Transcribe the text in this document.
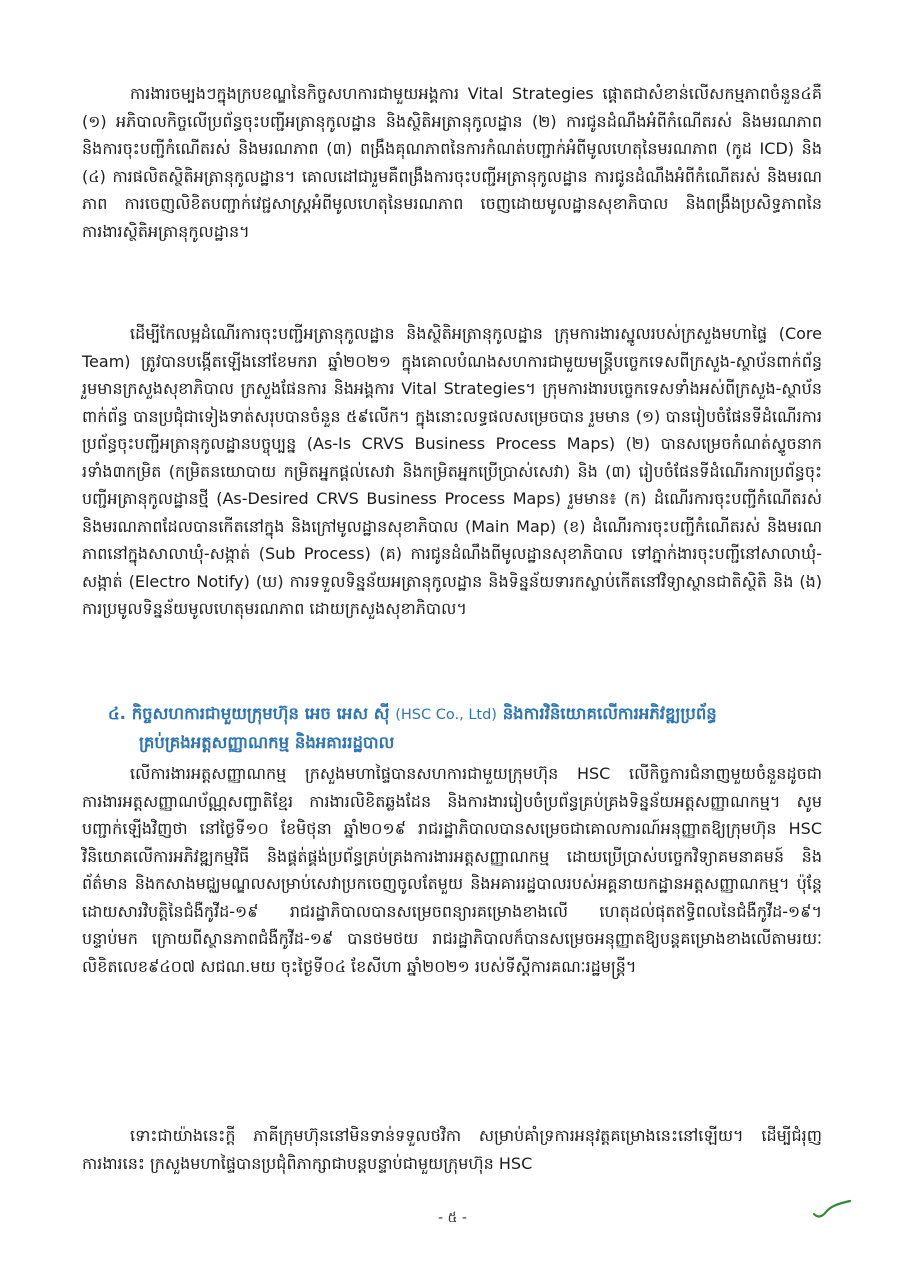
ការងារចម្បងៗក្នុងក្របខណ្ឌនៃកិច្ចសហការជាមួយអង្គការ Vital Strategies ផ្តោតជាសំខាន់លើសកម្មភាពចំនួន៤គឺ (១) អភិបាលកិច្ចលើប្រព័ន្ធចុះបញ្ជីអត្រានុកូលដ្ឋាន និងស្ថិតិអត្រានុកូលដ្ឋាន (២) ការជូនដំណឹងអំពីកំណើតរស់ និងមរណភាព និងការចុះបញ្ជីកំណើតរស់ និងមរណភាព (៣) ពង្រឹងគុណភាពនៃការកំណត់បញ្ជាក់អំពីមូលហេតុនៃមរណភាព (កូដ ICD) និង (៤) ការផលិតស្ថិតិអត្រានុកូលដ្ឋាន។ គោលដៅជារួមគឺពង្រឹងការចុះបញ្ជីអត្រានុកូលដ្ឋាន ការជូនដំណឹងអំពីកំណើតរស់ និងមរណភាព ការចេញលិខិតបញ្ជាក់វេជ្ជសាស្ត្រអំពីមូលហេតុនៃមរណភាព ចេញដោយមូលដ្ឋានសុខាភិបាល និងពង្រឹងប្រសិទ្ធភាពនៃការងារស្ថិតិអត្រានុកូលដ្ឋាន។

ដើម្បីកែលម្អដំណើរការចុះបញ្ជីអត្រានុកូលដ្ឋាន និងស្ថិតិអត្រានុកូលដ្ឋាន ក្រុមការងារស្នូលរបស់ក្រសួងមហាផ្ទៃ (Core Team) ត្រូវបានបង្កើតឡើងនៅខែមករា ឆ្នាំ២០២១ ក្នុងគោលបំណងសហការជាមួយមន្ត្រីបច្ចេកទេសពីក្រសួង-ស្ថាប័នពាក់ព័ន្ធ រួមមានក្រសួងសុខាភិបាល ក្រសួងផែនការ និងអង្គការ Vital Strategies។ ក្រុមការងារបច្ចេកទេសទាំងអស់ពីក្រសួង-ស្ថាប័នពាក់ព័ន្ធ បានប្រជុំជាទៀងទាត់សរុបបានចំនួន ៥៩លើក។ ក្នុងនោះលទ្ធផលសម្រេចបាន រួមមាន (១) បានរៀបចំផែនទីដំណើរការប្រព័ន្ធចុះបញ្ជីអត្រានុកូលដ្ឋានបច្ចុប្បន្ន (As-Is CRVS Business Process Maps) (២) បានសម្រេចកំណត់ស្ទូចនាករទាំង៣កម្រិត (កម្រិតនយោបាយ កម្រិតអ្នកផ្តល់សេវា និងកម្រិតអ្នកប្រើប្រាស់សេវា) និង (៣) រៀបចំផែនទីដំណើរការប្រព័ន្ធចុះបញ្ជីអត្រានុកូលដ្ឋានថ្មី (As-Desired CRVS Business Process Maps) រួមមាន៖ (ក) ដំណើរការចុះបញ្ជីកំណើតរស់ និងមរណភាពដែលបានកើតនៅក្នុង និងក្រៅមូលដ្ឋានសុខាភិបាល (Main Map) (ខ) ដំណើរការចុះបញ្ជីកំណើតរស់ និងមរណភាពនៅក្នុងសាលាឃុំ-សង្កាត់ (Sub Process) (គ) ការជូនដំណឹងពីមូលដ្ឋានសុខាភិបាល ទៅភ្នាក់ងារចុះបញ្ជីនៅសាលាឃុំ-សង្កាត់ (Electro Notify) (ឃ) ការទទួលទិន្នន័យអត្រានុកូលដ្ឋាន និងទិន្នន័យទារកស្លាប់កើតនៅវិទ្យាស្ថានជាតិស្ថិតិ និង (ង) ការប្រមូលទិន្នន័យមូលហេតុមរណភាព ដោយក្រសួងសុខាភិបាល។

៤. កិច្ចសហការជាមួយក្រុមហ៊ុន អេច អេស ស៊ី (HSC Co., Ltd) និងការវិនិយោគលើការអភិវឌ្ឍប្រព័ន្ធ
គ្រប់គ្រងអត្តសញ្ញាណកម្ម និងអគាររដ្ឋបាល

លើការងារអត្តសញ្ញាណកម្ម ក្រសួងមហាផ្ទៃបានសហការជាមួយក្រុមហ៊ុន HSC លើកិច្ចការជំនាញមួយចំនួនដូចជា ការងារអត្តសញ្ញាណប័ណ្ណសញ្ជាតិខ្មែរ ការងារលិខិតឆ្លងដែន និងការងាររៀបចំប្រព័ន្ធគ្រប់គ្រងទិន្នន័យអត្តសញ្ញាណកម្ម។ សូមបញ្ជាក់ឡើងវិញថា នៅថ្ងៃទី១០ ខែមិថុនា ឆ្នាំ២០១៩ រាជរដ្ឋាភិបាលបានសម្រេចជាគោលការណ៍អនុញ្ញាតឱ្យក្រុមហ៊ុន HSC វិនិយោគលើការអភិវឌ្ឍកម្មវិធី និងផ្គត់ផ្គង់ប្រព័ន្ធគ្រប់គ្រងការងារអត្តសញ្ញាណកម្ម ដោយប្រើប្រាស់បច្ចេកវិទ្យាគមនាគមន៍ និងព័ត៌មាន និងកសាងមជ្ឈមណ្ឌលសម្រាប់សេវាប្រកចេញចូលតែមួយ និងអគាររដ្ឋបាលរបស់អគ្គនាយកដ្ឋានអត្តសញ្ញាណកម្ម។ ប៉ុន្តែដោយសារវិបត្តិនៃជំងឺកូវីដ-១៩ រាជរដ្ឋាភិបាលបានសម្រេចពន្យារគម្រោងខាងលើ ហេតុដល់ផុតឥទ្ធិពលនៃជំងឺកូវីដ-១៩។ បន្ទាប់មក ក្រោយពីស្ថានភាពជំងឺកូវីដ-១៩ បានថមថយ រាជរដ្ឋាភិបាលក៏បានសម្រេចអនុញ្ញាតឱ្យបន្តគម្រោងខាងលើតាមរយៈលិខិតលេខ៩៤០៧ សជណ.មយ ចុះថ្ងៃទី០៤ ខែសីហា ឆ្នាំ២០២១ របស់ទីស្តីការគណៈរដ្ឋមន្ត្រី។

ទោះជាយ៉ាងនេះក្តី ភាគីក្រុមហ៊ុននៅមិនទាន់ទទួលថវិកា សម្រាប់គាំទ្រការអនុវត្តគម្រោងនេះនៅឡើយ។ ដើម្បីជំរុញការងារនេះ ក្រសួងមហាផ្ទៃបានប្រជុំពិភាក្សាជាបន្តបន្ទាប់ជាមួយក្រុមហ៊ុន HSC

- ៥ -
